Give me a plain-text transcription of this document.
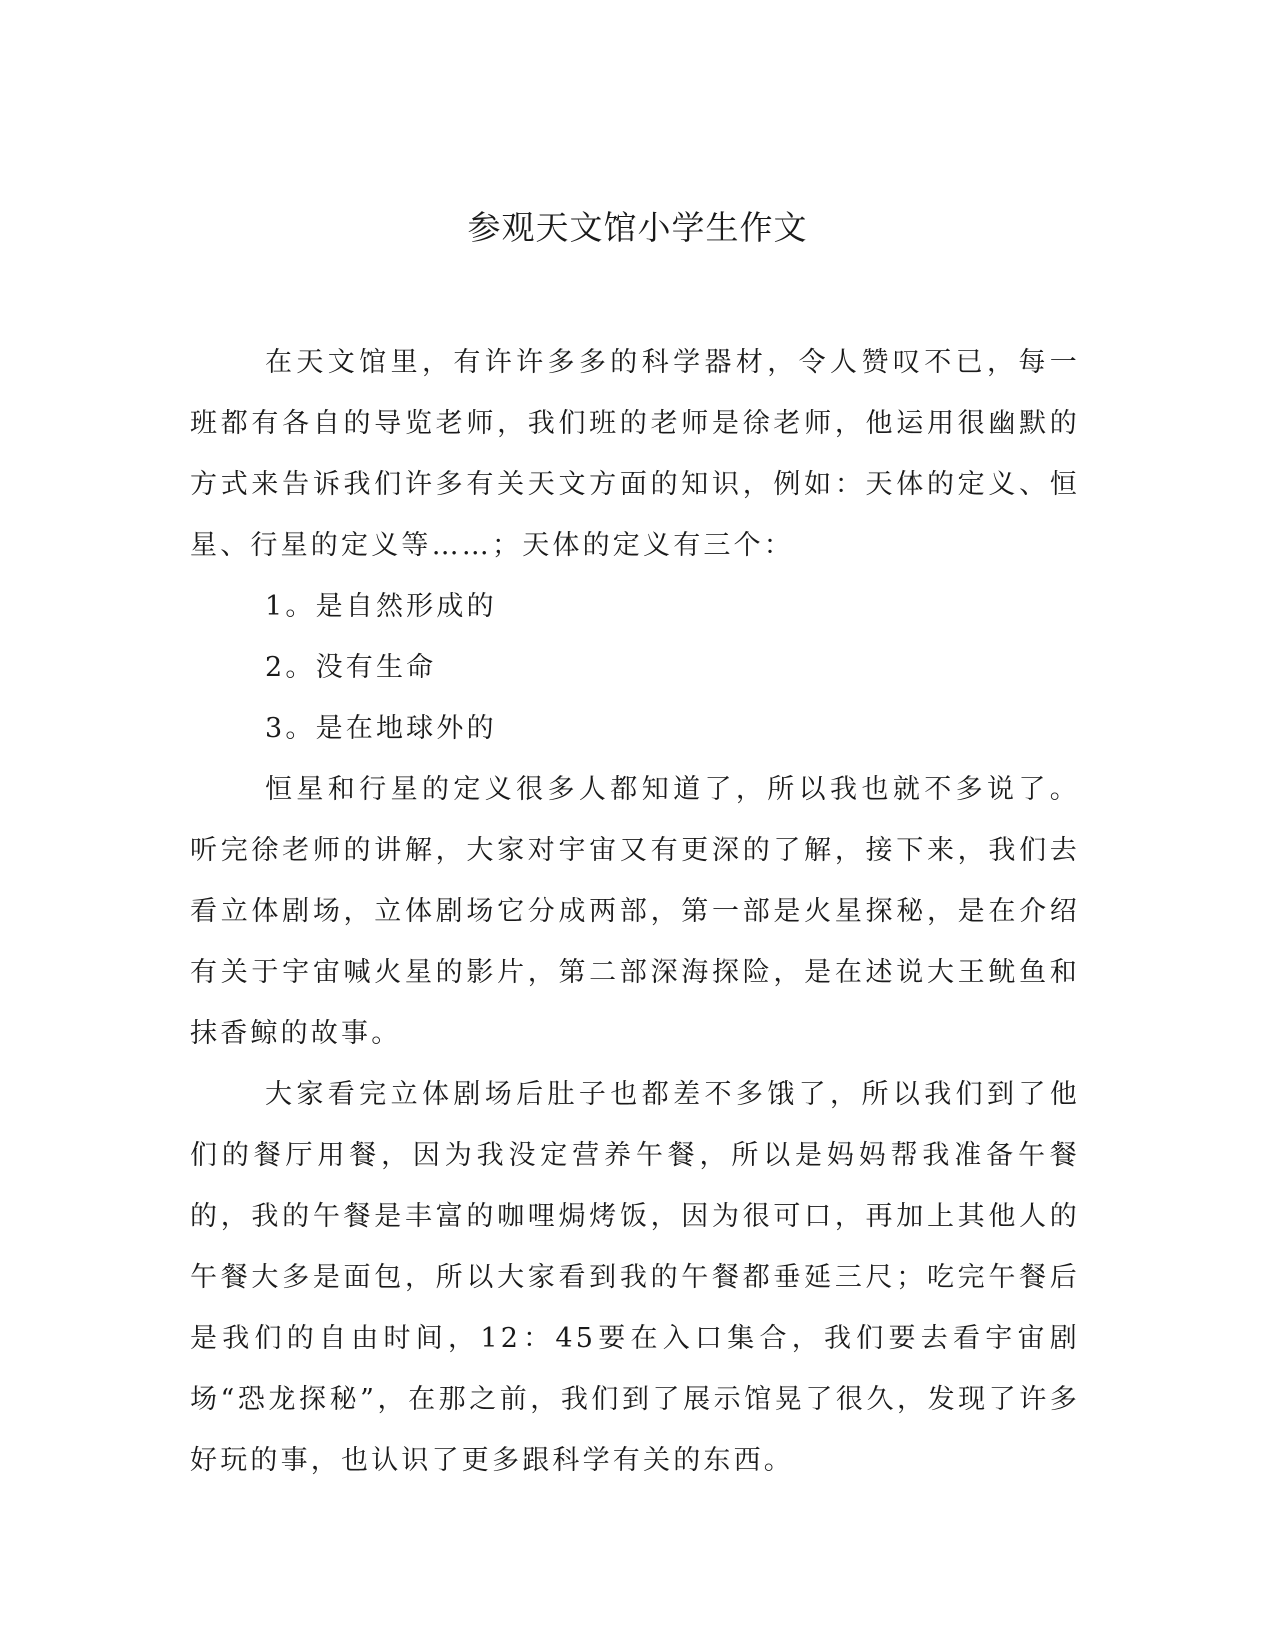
参观天文馆小学生作文

在天文馆里，有许许多多的科学器材，令人赞叹不已，每一班都有各自的导览老师，我们班的老师是徐老师，他运用很幽默的方式来告诉我们许多有关天文方面的知识，例如：天体的定义、恒星、行星的定义等……；天体的定义有三个：

1。是自然形成的

2。没有生命

3。是在地球外的

恒星和行星的定义很多人都知道了，所以我也就不多说了。听完徐老师的讲解，大家对宇宙又有更深的了解，接下来，我们去看立体剧场，立体剧场它分成两部，第一部是火星探秘，是在介绍有关于宇宙喊火星的影片，第二部深海探险，是在述说大王鱿鱼和抹香鲸的故事。

大家看完立体剧场后肚子也都差不多饿了，所以我们到了他们的餐厅用餐，因为我没定营养午餐，所以是妈妈帮我准备午餐的，我的午餐是丰富的咖哩焗烤饭，因为很可口，再加上其他人的午餐大多是面包，所以大家看到我的午餐都垂延三尺；吃完午餐后是我们的自由时间，12：45要在入口集合，我们要去看宇宙剧场“恐龙探秘”，在那之前，我们到了展示馆晃了很久，发现了许多好玩的事，也认识了更多跟科学有关的东西。
